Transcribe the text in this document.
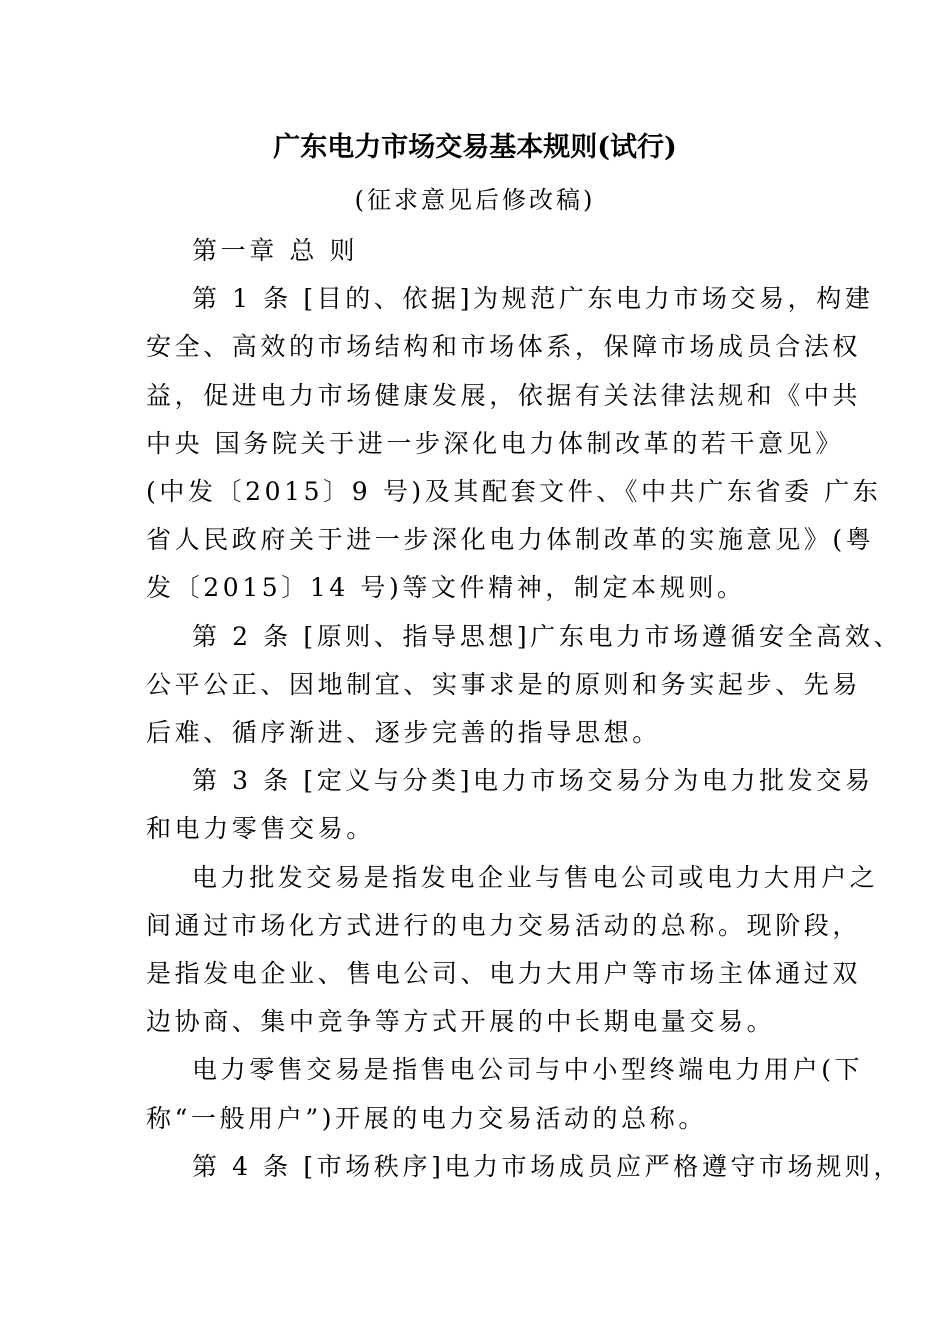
广东电力市场交易基本规则(试行)
(征求意见后修改稿)
第一章 总 则
第 1 条 [目的、依据]为规范广东电力市场交易，构建
安全、高效的市场结构和市场体系，保障市场成员合法权
益，促进电力市场健康发展，依据有关法律法规和《中共
中央 国务院关于进一步深化电力体制改革的若干意见》
(中发〔2015〕9 号)及其配套文件、《中共广东省委 广东
省人民政府关于进一步深化电力体制改革的实施意见》(粤
发〔2015〕14 号)等文件精神，制定本规则。
第 2 条 [原则、指导思想]广东电力市场遵循安全高效、
公平公正、因地制宜、实事求是的原则和务实起步、先易
后难、循序渐进、逐步完善的指导思想。
第 3 条 [定义与分类]电力市场交易分为电力批发交易
和电力零售交易。
电力批发交易是指发电企业与售电公司或电力大用户之
间通过市场化方式进行的电力交易活动的总称。现阶段，
是指发电企业、售电公司、电力大用户等市场主体通过双
边协商、集中竞争等方式开展的中长期电量交易。
电力零售交易是指售电公司与中小型终端电力用户(下
称“一般用户”)开展的电力交易活动的总称。
第 4 条 [市场秩序]电力市场成员应严格遵守市场规则，
